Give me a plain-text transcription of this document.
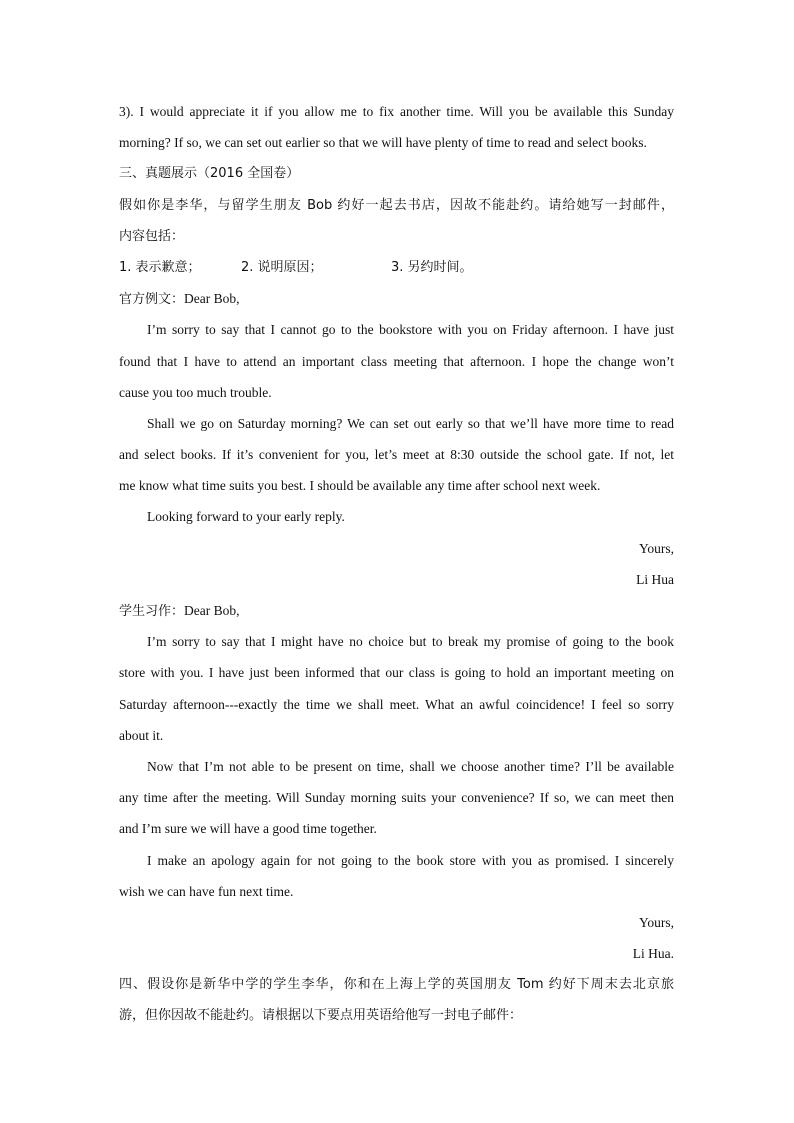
3). I would appreciate it if you allow me to fix another time. Will you be available this Sunday
morning? If so, we can set out earlier so that we will have plenty of time to read and select books.
三、真题展示（2016 全国卷）
假如你是李华，与留学生朋友 Bob 约好一起去书店，因故不能赴约。请给她写一封邮件，
内容包括：
1. 表示歉意；	2. 说明原因；	3. 另约时间。
官方例文：Dear Bob,
I’m sorry to say that I cannot go to the bookstore with you on Friday afternoon. I have just
found that I have to attend an important class meeting that afternoon. I hope the change won’t
cause you too much trouble.
Shall we go on Saturday morning? We can set out early so that we’ll have more time to read
and select books. If it’s convenient for you, let’s meet at 8:30 outside the school gate. If not, let
me know what time suits you best. I should be available any time after school next week.
Looking forward to your early reply.
Yours,
Li Hua
学生习作：Dear Bob,
I’m sorry to say that I might have no choice but to break my promise of going to the book
store with you. I have just been informed that our class is going to hold an important meeting on
Saturday afternoon---exactly the time we shall meet. What an awful coincidence! I feel so sorry
about it.
Now that I’m not able to be present on time, shall we choose another time? I’ll be available
any time after the meeting. Will Sunday morning suits your convenience? If so, we can meet then
and I’m sure we will have a good time together.
I make an apology again for not going to the book store with you as promised. I sincerely
wish we can have fun next time.
Yours,
Li Hua.
四、假设你是新华中学的学生李华，你和在上海上学的英国朋友 Tom 约好下周末去北京旅
游，但你因故不能赴约。请根据以下要点用英语给他写一封电子邮件：
